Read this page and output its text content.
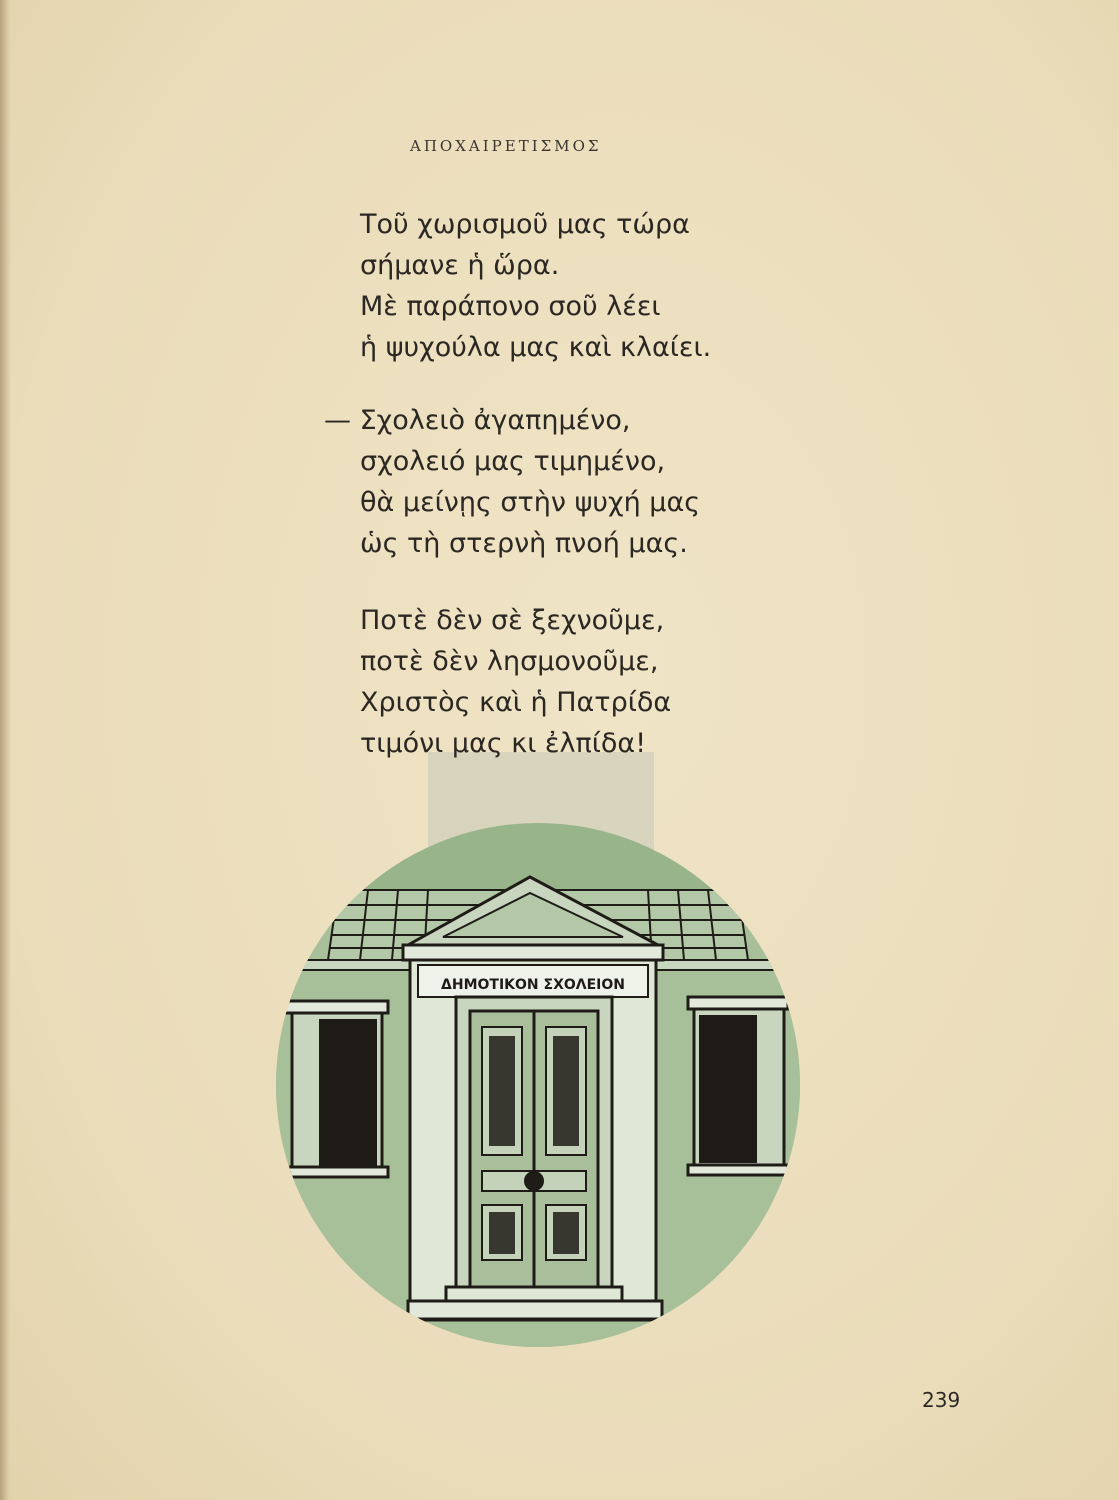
ΑΠΟΧΑΙΡΕΤΙΣΜΟΣ
Τοῦ χωρισμοῦ μας τώρα
σήμανε ἡ ὥρα.
Μὲ παράπονο σοῦ λέει
ἡ ψυχούλα μας καὶ κλαίει.
— Σχολειὸ ἀγαπημένο,
σχολειό μας τιμημένο,
θὰ μείνῃς στὴν ψυχή μας
ὡς τὴ στερνὴ πνοή μας.
Ποτὲ δὲν σὲ ξεχνοῦμε,
ποτὲ δὲν λησμονοῦμε,
Χριστὸς καὶ ἡ Πατρίδα
τιμόνι μας κι ἐλπίδα!
ΔΗΜΟΤΙΚΟΝ ΣΧΟΛΕΙΟΝ
239
